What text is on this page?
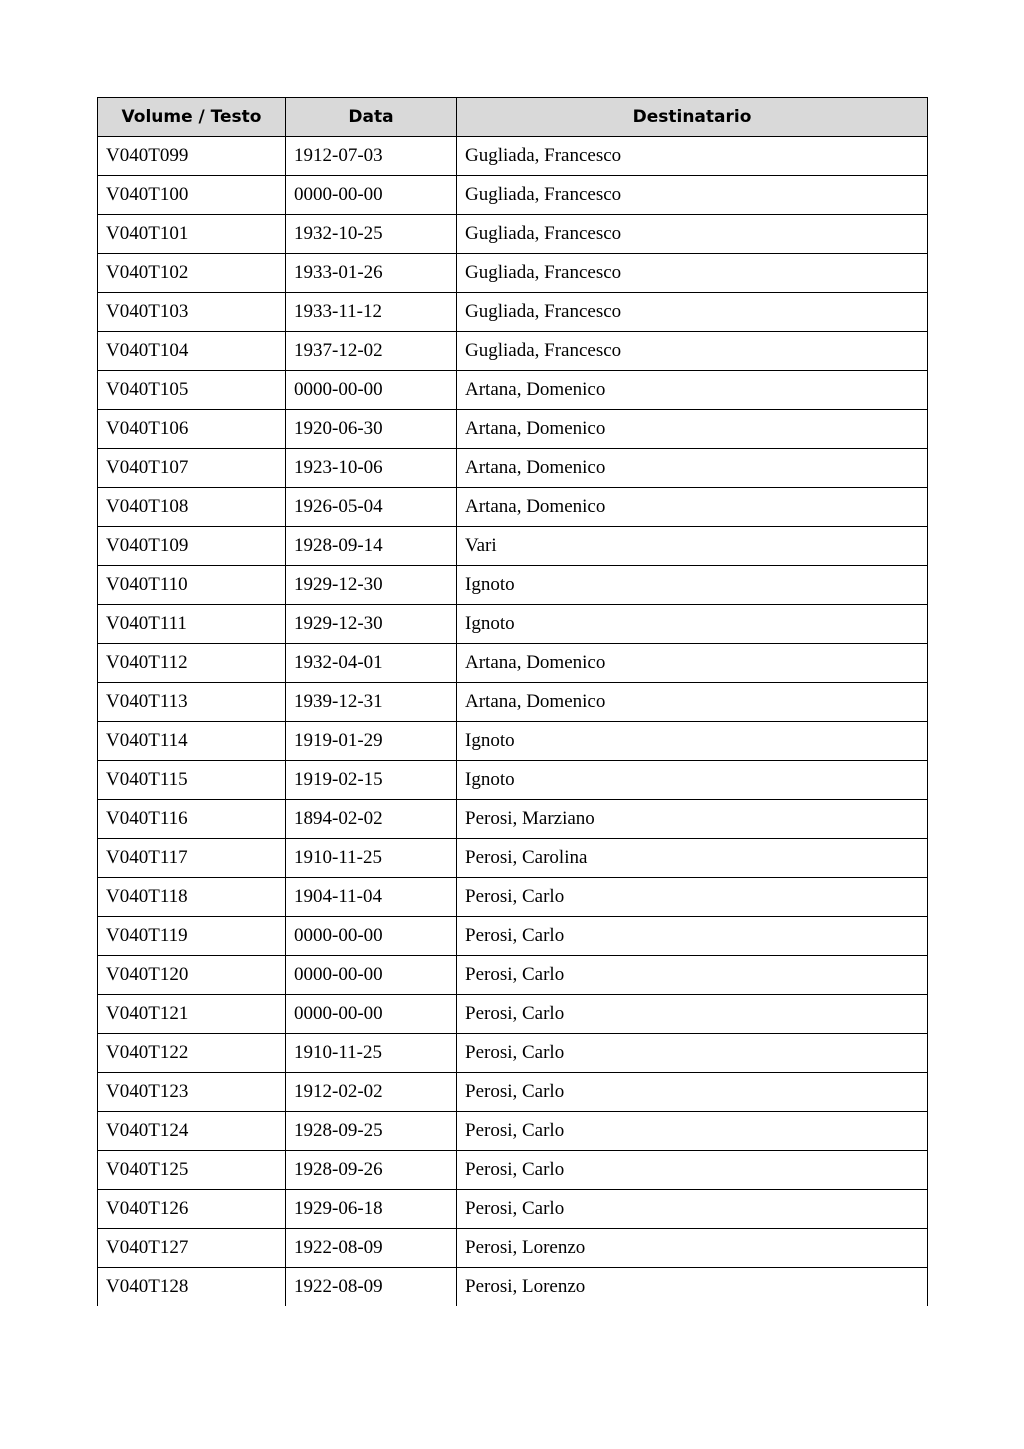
Volume / Testo	Data	Destinatario
V040T099	1912-07-03	Gugliada, Francesco
V040T100	0000-00-00	Gugliada, Francesco
V040T101	1932-10-25	Gugliada, Francesco
V040T102	1933-01-26	Gugliada, Francesco
V040T103	1933-11-12	Gugliada, Francesco
V040T104	1937-12-02	Gugliada, Francesco
V040T105	0000-00-00	Artana, Domenico
V040T106	1920-06-30	Artana, Domenico
V040T107	1923-10-06	Artana, Domenico
V040T108	1926-05-04	Artana, Domenico
V040T109	1928-09-14	Vari
V040T110	1929-12-30	Ignoto
V040T111	1929-12-30	Ignoto
V040T112	1932-04-01	Artana, Domenico
V040T113	1939-12-31	Artana, Domenico
V040T114	1919-01-29	Ignoto
V040T115	1919-02-15	Ignoto
V040T116	1894-02-02	Perosi, Marziano
V040T117	1910-11-25	Perosi, Carolina
V040T118	1904-11-04	Perosi, Carlo
V040T119	0000-00-00	Perosi, Carlo
V040T120	0000-00-00	Perosi, Carlo
V040T121	0000-00-00	Perosi, Carlo
V040T122	1910-11-25	Perosi, Carlo
V040T123	1912-02-02	Perosi, Carlo
V040T124	1928-09-25	Perosi, Carlo
V040T125	1928-09-26	Perosi, Carlo
V040T126	1929-06-18	Perosi, Carlo
V040T127	1922-08-09	Perosi, Lorenzo
V040T128	1922-08-09	Perosi, Lorenzo
